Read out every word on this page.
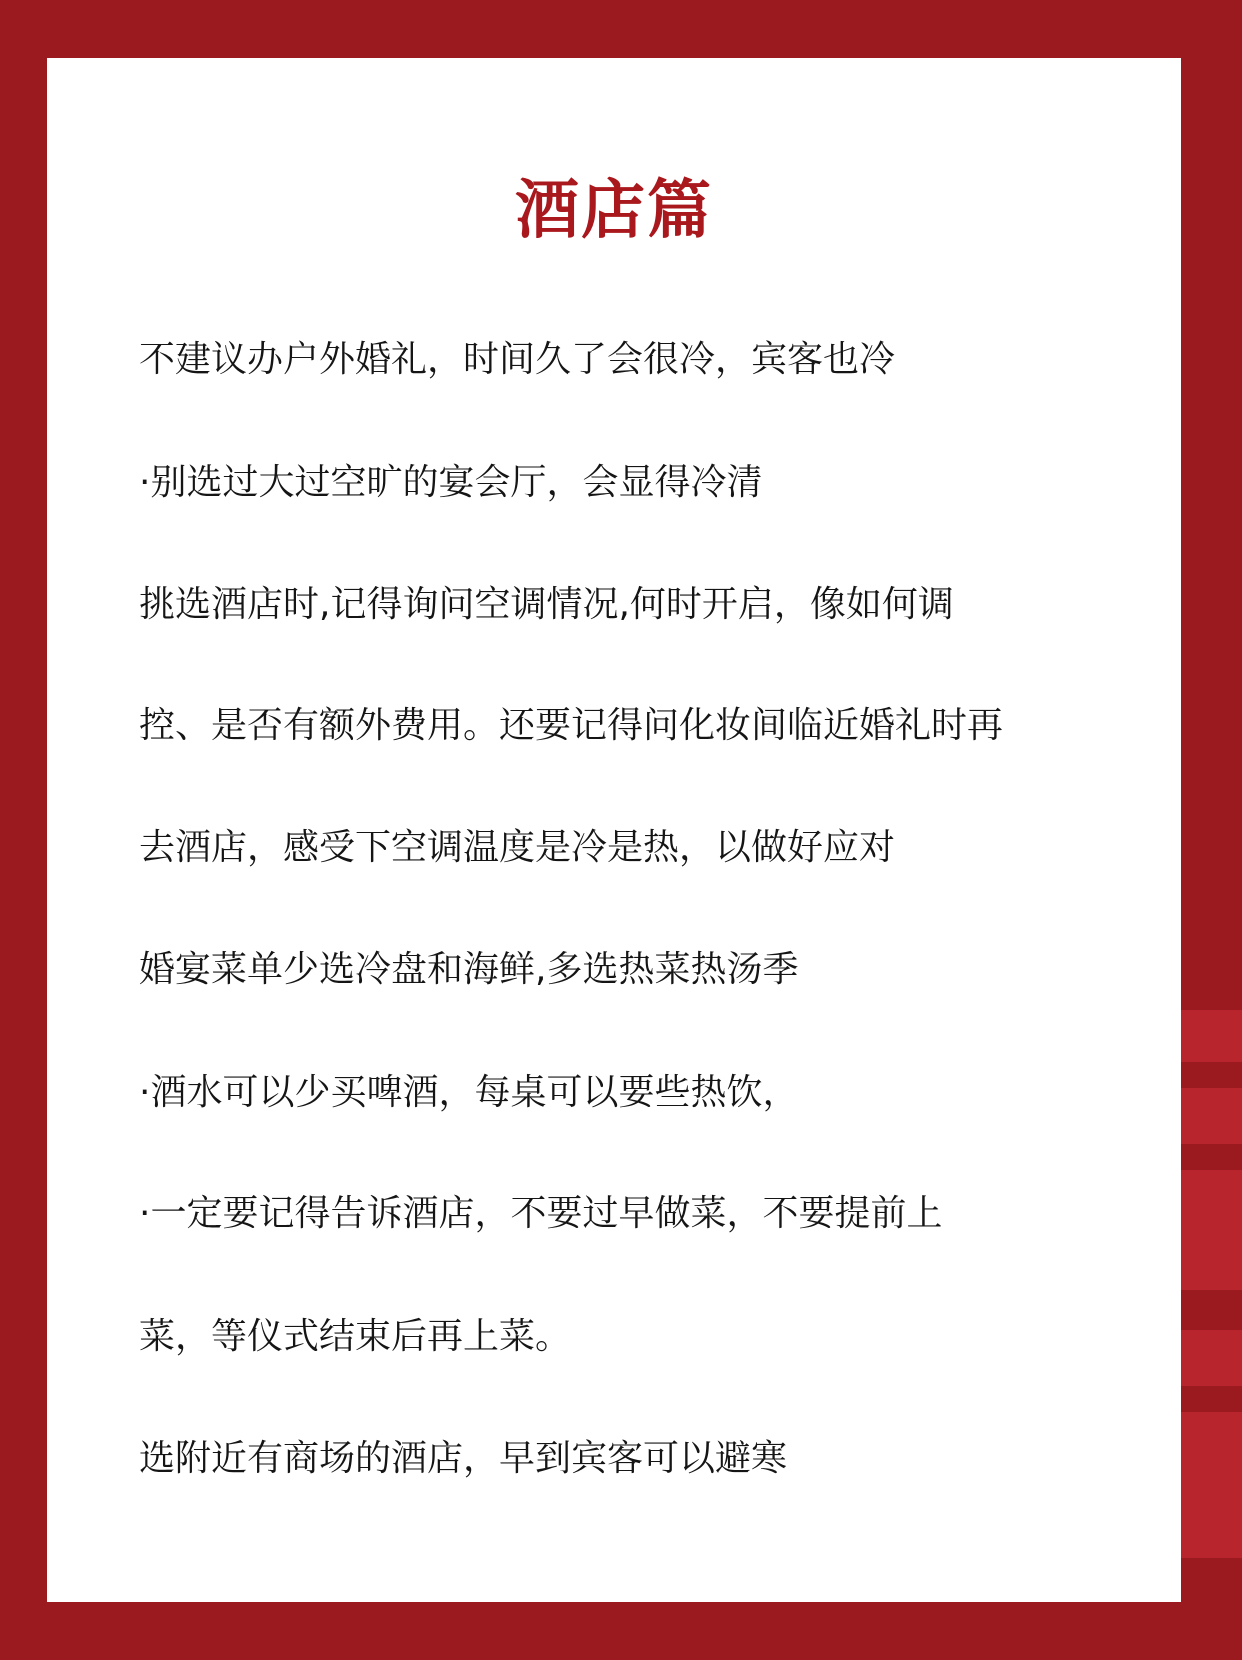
酒店篇
不建议办户外婚礼，时间久了会很冷，宾客也冷
·别选过大过空旷的宴会厅，会显得冷清
挑选酒店时,记得询问空调情况,何时开启，像如何调
控、是否有额外费用。还要记得问化妆间临近婚礼时再
去酒店，感受下空调温度是冷是热，以做好应对
婚宴菜单少选冷盘和海鲜,多选热菜热汤季
·酒水可以少买啤酒，每桌可以要些热饮，
·一定要记得告诉酒店，不要过早做菜，不要提前上
菜，等仪式结束后再上菜。
选附近有商场的酒店，早到宾客可以避寒
